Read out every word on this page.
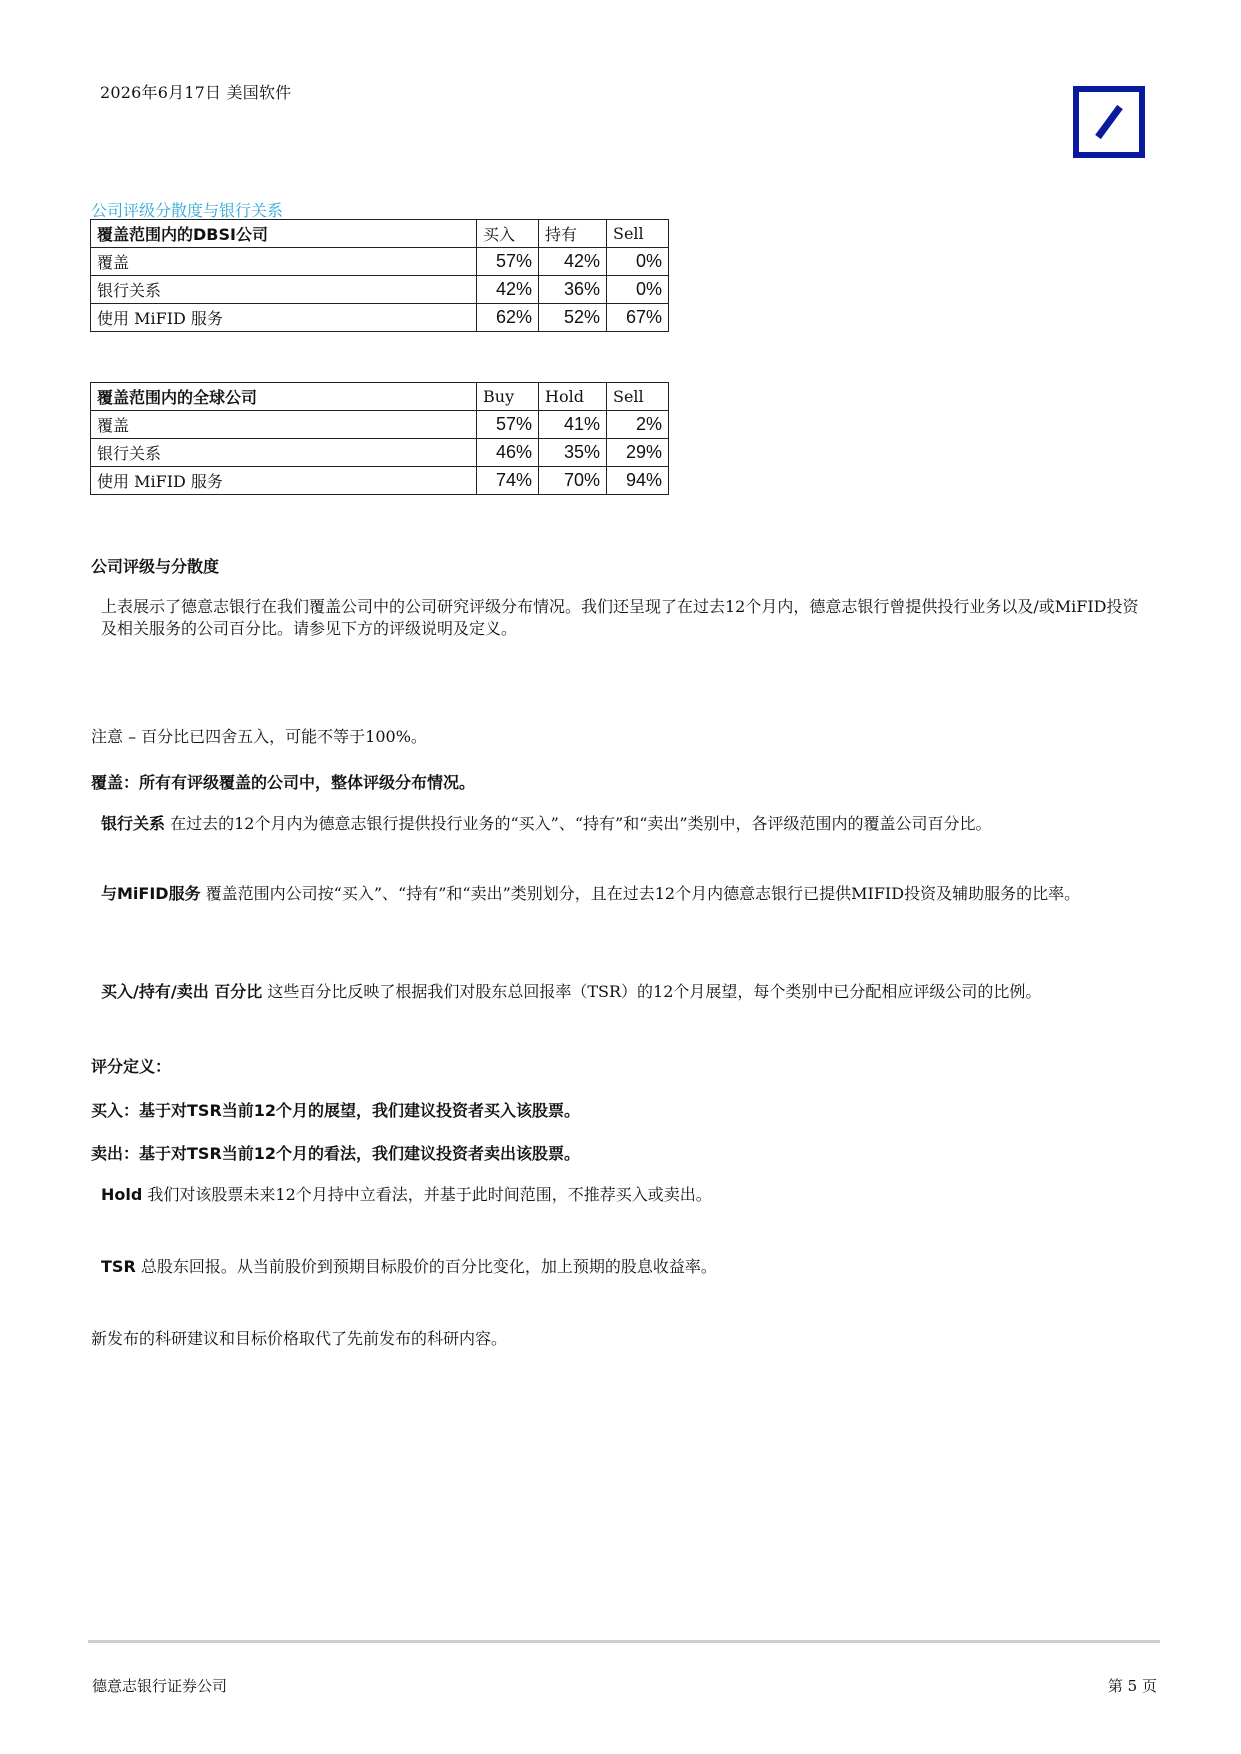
2026年6月17日 美国软件
公司评级分散度与银行关系
覆盖范围内的DBSI公司	买入	持有	Sell
覆盖	57%	42%	0%
银行关系	42%	36%	0%
使用 MiFID 服务	62%	52%	67%
覆盖范围内的全球公司	Buy	Hold	Sell
覆盖	57%	41%	2%
银行关系	46%	35%	29%
使用 MiFID 服务	74%	70%	94%
公司评级与分散度
上表展示了德意志银行在我们覆盖公司中的公司研究评级分布情况。我们还呈现了在过去12个月内，德意志银行曾提供投行业务以及/或MiFID投资及相关服务的公司百分比。请参见下方的评级说明及定义。
注意 – 百分比已四舍五入，可能不等于100%。
覆盖：所有有评级覆盖的公司中，整体评级分布情况。
银行关系 在过去的12个月内为德意志银行提供投行业务的“买入”、“持有”和“卖出”类别中，各评级范围内的覆盖公司百分比。
与MiFID服务 覆盖范围内公司按“买入”、“持有”和“卖出”类别划分，且在过去12个月内德意志银行已提供MIFID投资及辅助服务的比率。
买入/持有/卖出 百分比 这些百分比反映了根据我们对股东总回报率（TSR）的12个月展望，每个类别中已分配相应评级公司的比例。
评分定义：
买入：基于对TSR当前12个月的展望，我们建议投资者买入该股票。
卖出：基于对TSR当前12个月的看法，我们建议投资者卖出该股票。
Hold 我们对该股票未来12个月持中立看法，并基于此时间范围，不推荐买入或卖出。
TSR 总股东回报。从当前股价到预期目标股价的百分比变化，加上预期的股息收益率。
新发布的科研建议和目标价格取代了先前发布的科研内容。
德意志银行证券公司	第 5 页
